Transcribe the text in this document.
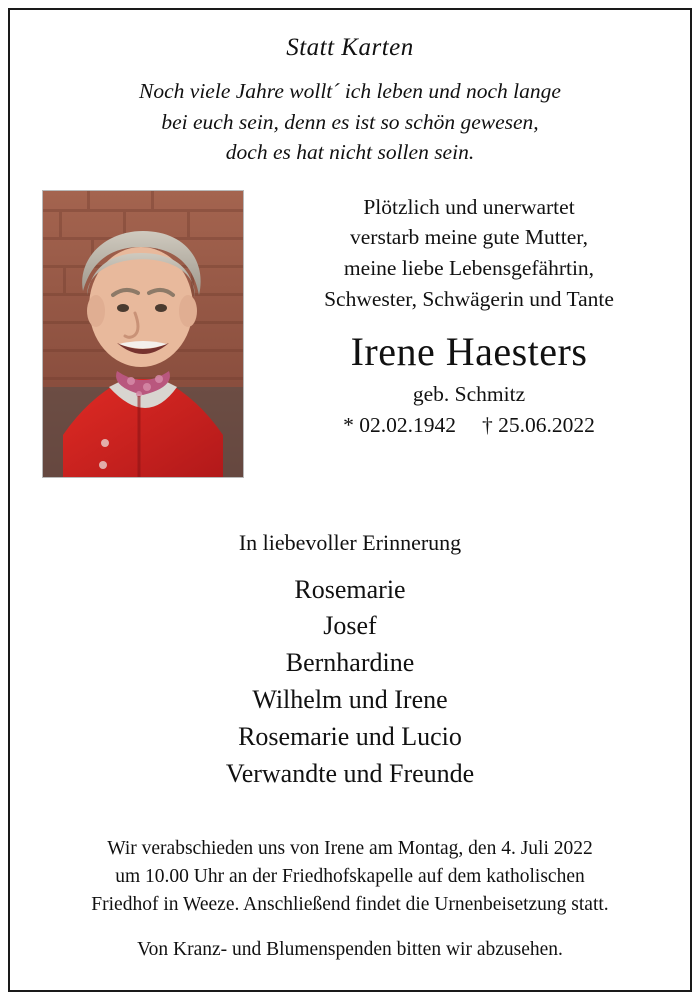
Statt Karten
Noch viele Jahre wollt´ ich leben und noch lange
bei euch sein, denn es ist so schön gewesen,
doch es hat nicht sollen sein.
Plötzlich und unerwartet
verstarb meine gute Mutter,
meine liebe Lebensgefährtin,
Schwester, Schwägerin und Tante
Irene Haesters
geb. Schmitz
* 02.02.1942 † 25.06.2022
In liebevoller Erinnerung
Rosemarie
Josef
Bernhardine
Wilhelm und Irene
Rosemarie und Lucio
Verwandte und Freunde
Wir verabschieden uns von Irene am Montag, den 4. Juli 2022
um 10.00 Uhr an der Friedhofskapelle auf dem katholischen
Friedhof in Weeze. Anschließend findet die Urnenbeisetzung statt.
Von Kranz- und Blumenspenden bitten wir abzusehen.
